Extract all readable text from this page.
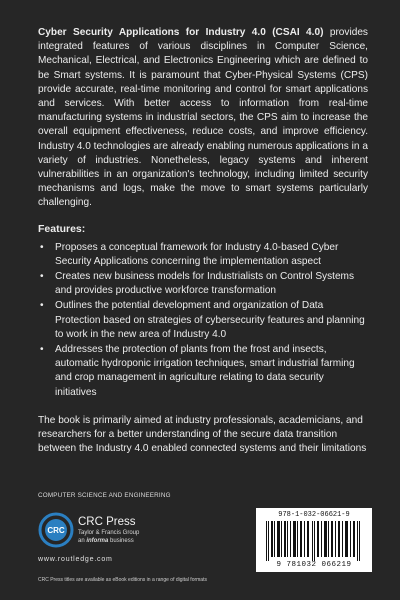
Cyber Security Applications for Industry 4.0 (CSAI 4.0) provides integrated features of various disciplines in Computer Science, Mechanical, Electrical, and Electronics Engineering which are defined to be Smart systems. It is paramount that Cyber-Physical Systems (CPS) provide accurate, real-time monitoring and control for smart applications and services. With better access to information from real-time manufacturing systems in industrial sectors, the CPS aim to increase the overall equipment effectiveness, reduce costs, and improve efficiency. Industry 4.0 technologies are already enabling numerous applications in a variety of industries. Nonetheless, legacy systems and inherent vulnerabilities in an organization's technology, including limited security mechanisms and logs, make the move to smart systems particularly challenging.

Features:
• Proposes a conceptual framework for Industry 4.0-based Cyber Security Applications concerning the implementation aspect
• Creates new business models for Industrialists on Control Systems and provides productive workforce transformation
• Outlines the potential development and organization of Data Protection based on strategies of cybersecurity features and planning to work in the new area of Industry 4.0
• Addresses the protection of plants from the frost and insects, automatic hydroponic irrigation techniques, smart industrial farming and crop management in agriculture relating to data security initiatives

The book is primarily aimed at industry professionals, academicians, and researchers for a better understanding of the secure data transition between the Industry 4.0 enabled connected systems and their limitations

COMPUTER SCIENCE AND ENGINEERING
CRC
CRC Press
Taylor & Francis Group
an informa business
www.routledge.com
CRC Press titles are available as eBook editions in a range of digital formats
978-1-032-06621-9
9 781032 066219
